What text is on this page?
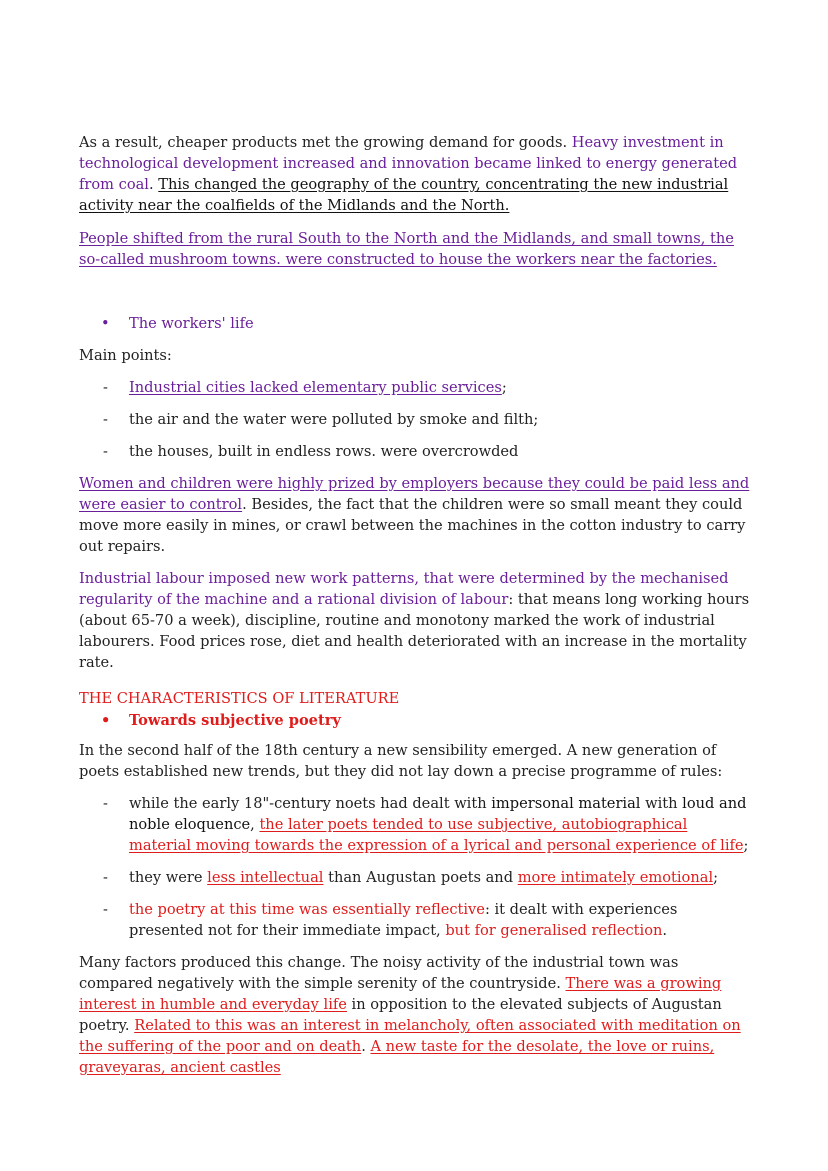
As a result, cheaper products met the growing demand for goods. Heavy investment in technological development increased and innovation became linked to energy generated from coal. This changed the geography of the country, concentrating the new industrial activity near the coalfields of the Midlands and the North.

People shifted from the rural South to the North and the Midlands, and small towns, the so-called mushroom towns. were constructed to house the workers near the factories.

• The workers' life

Main points:

- Industrial cities lacked elementary public services;
- the air and the water were polluted by smoke and filth;
- the houses, built in endless rows. were overcrowded

Women and children were highly prized by employers because they could be paid less and were easier to control. Besides, the fact that the children were so small meant they could move more easily in mines, or crawl between the machines in the cotton industry to carry out repairs.

Industrial labour imposed new work patterns, that were determined by the mechanised regularity of the machine and a rational division of labour: that means long working hours (about 65-70 a week), discipline, routine and monotony marked the work of industrial labourers. Food prices rose, diet and health deteriorated with an increase in the mortality rate.

THE CHARACTERISTICS OF LITERATURE

• Towards subjective poetry

In the second half of the 18th century a new sensibility emerged. A new generation of poets established new trends, but they did not lay down a precise programme of rules:

- while the early 18"-century noets had dealt with impersonal material with loud and noble eloquence, the later poets tended to use subjective, autobiographical material moving towards the expression of a lyrical and personal experience of life;
- they were less intellectual than Augustan poets and more intimately emotional;
- the poetry at this time was essentially reflective: it dealt with experiences presented not for their immediate impact, but for generalised reflection.

Many factors produced this change. The noisy activity of the industrial town was compared negatively with the simple serenity of the countryside. There was a growing interest in humble and everyday life in opposition to the elevated subjects of Augustan poetry. Related to this was an interest in melancholy, often associated with meditation on the suffering of the poor and on death. A new taste for the desolate, the love or ruins, graveyaras, ancient castles
